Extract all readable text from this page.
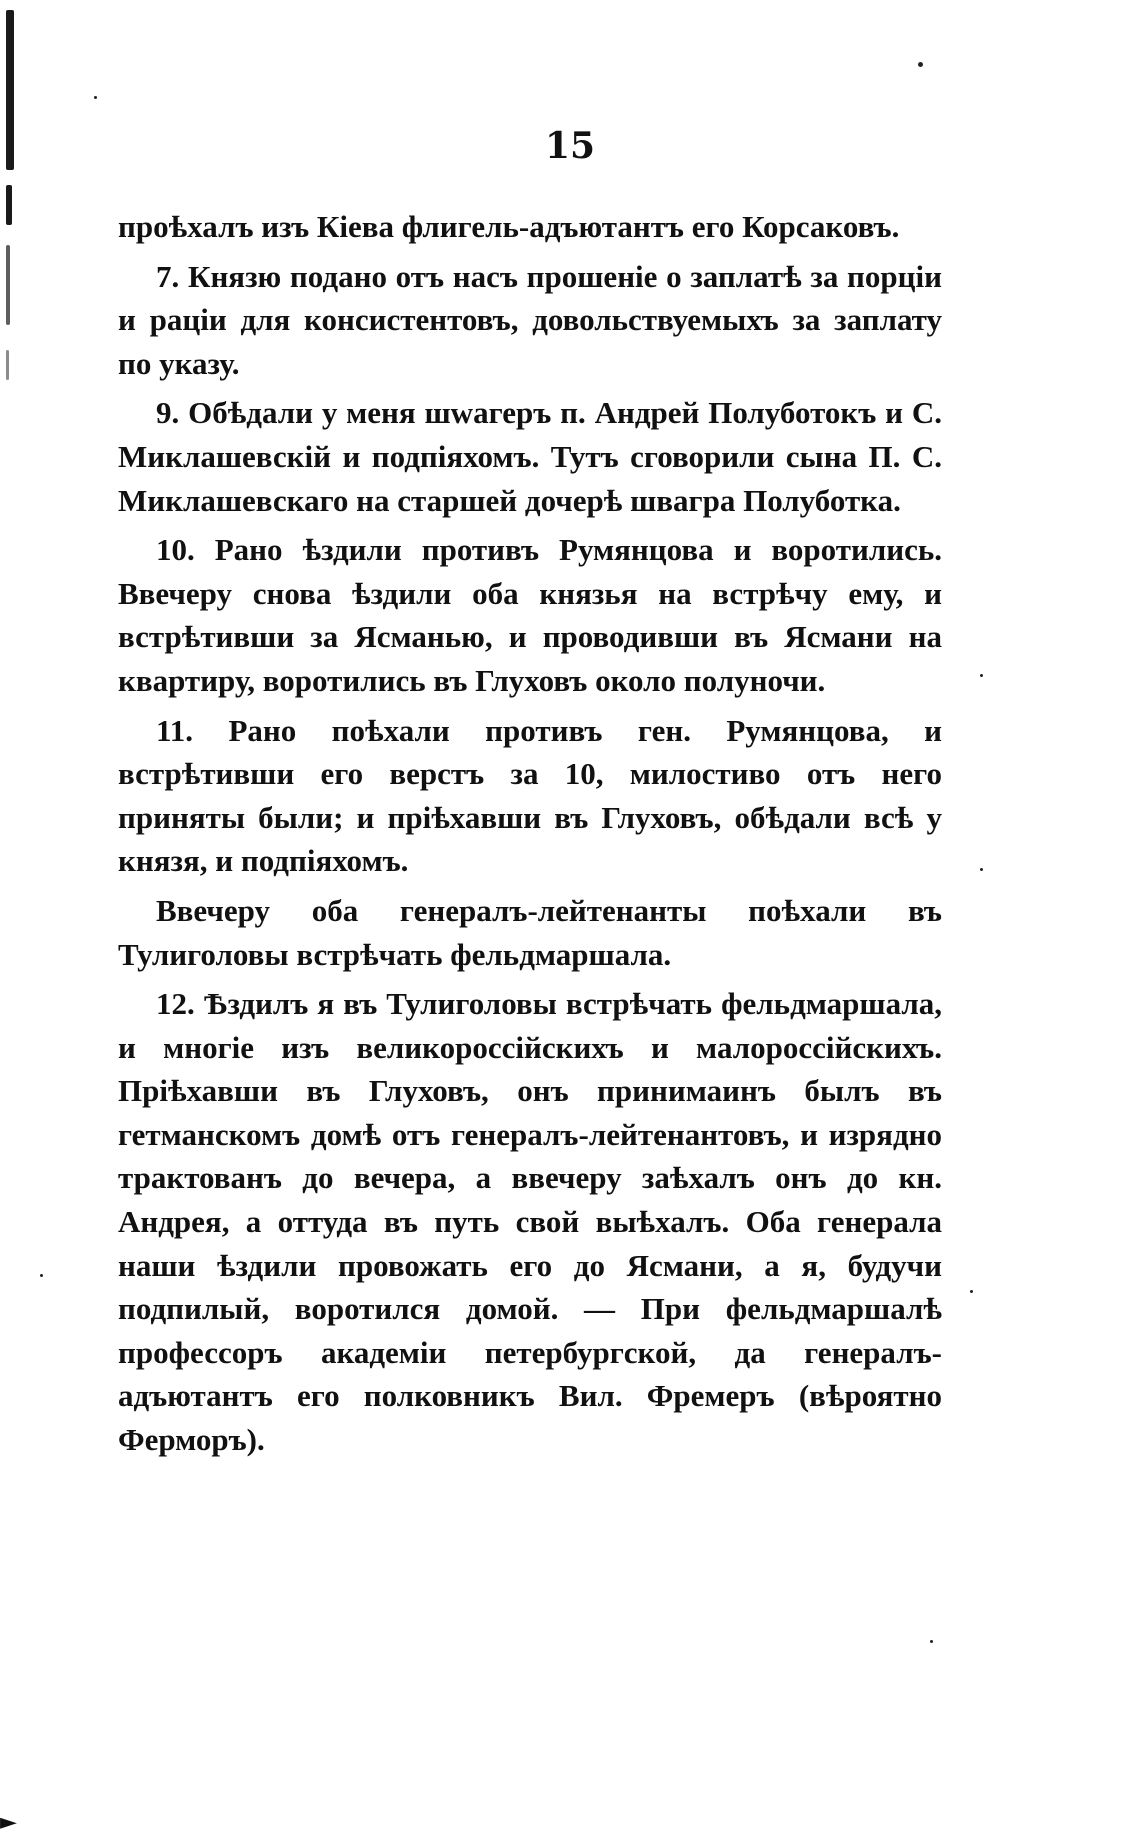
►

15

проѣхалъ изъ Кіева флигель-адъютантъ его Корсаковъ.

7. Князю подано отъ насъ прошеніе о заплатѣ за порціи и раціи для консистентовъ, довольствуемыхъ за заплату по указу.

9. Обѣдали у меня шwагеръ п. Андрей Полуботокъ и С. Миклашевскій и подпіяхомъ. Тутъ сговорили сына П. С. Миклашевскаго на старшей дочерѣ швагра Полуботка.

10. Рано ѣздили противъ Румянцова и воротились. Ввечеру снова ѣздили оба князья на встрѣчу ему, и встрѣтивши за Ясманью, и проводивши въ Ясмани на квартиру, воротились въ Глуховъ около полуночи.

11. Рано поѣхали противъ ген. Румянцова, и встрѣтивши его верстъ за 10, милостиво отъ него приняты были; и пріѣхавши въ Глуховъ, обѣдали всѣ у князя, и подпіяхомъ.

Ввечеру оба генералъ-лейтенанты поѣхали въ Тулиголовы встрѣчать фельдмаршала.

12. Ѣздилъ я въ Тулиголовы встрѣчать фельдмаршала, и многіе изъ великороссійскихъ и малороссійскихъ. Пріѣхавши въ Глуховъ, онъ принимаинъ былъ въ гетманскомъ домѣ отъ генералъ-лейтенантовъ, и изрядно трактованъ до вечера, а ввечеру заѣхалъ онъ до кн. Андрея, а оттуда въ путь свой выѣхалъ. Оба генерала наши ѣздили провожать его до Ясмани, а я, будучи подпилый, воротился домой. — При фельдмаршалѣ профессоръ академіи петербургской, да генералъ-адъютантъ его полковникъ Вил. Фремеръ (вѣроятно Ферморъ).
